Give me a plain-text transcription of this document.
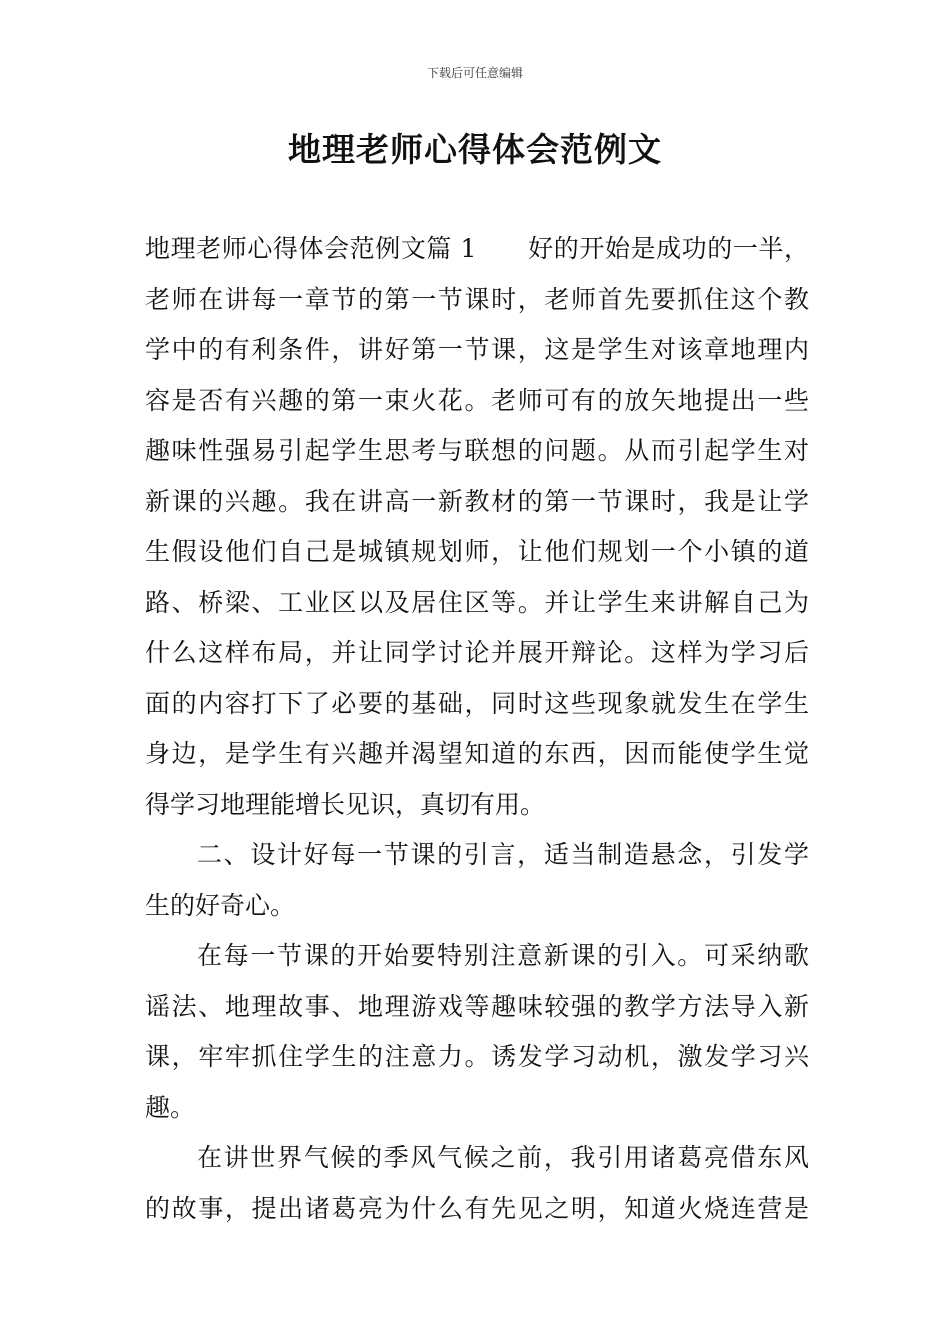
下载后可任意编辑
地理老师心得体会范例文
地理老师心得体会范例文篇 1　　好的开始是成功的一半，
老师在讲每一章节的第一节课时，老师首先要抓住这个教
学中的有利条件，讲好第一节课，这是学生对该章地理内
容是否有兴趣的第一束火花。老师可有的放矢地提出一些
趣味性强易引起学生思考与联想的问题。从而引起学生对
新课的兴趣。我在讲高一新教材的第一节课时，我是让学
生假设他们自己是城镇规划师，让他们规划一个小镇的道
路、桥梁、工业区以及居住区等。并让学生来讲解自己为
什么这样布局，并让同学讨论并展开辩论。这样为学习后
面的内容打下了必要的基础，同时这些现象就发生在学生
身边，是学生有兴趣并渴望知道的东西，因而能使学生觉
得学习地理能增长见识，真切有用。
二、设计好每一节课的引言，适当制造悬念，引发学
生的好奇心。
在每一节课的开始要特别注意新课的引入。可采纳歌
谣法、地理故事、地理游戏等趣味较强的教学方法导入新
课，牢牢抓住学生的注意力。诱发学习动机，激发学习兴
趣。
在讲世界气候的季风气候之前，我引用诸葛亮借东风
的故事，提出诸葛亮为什么有先见之明，知道火烧连营是
